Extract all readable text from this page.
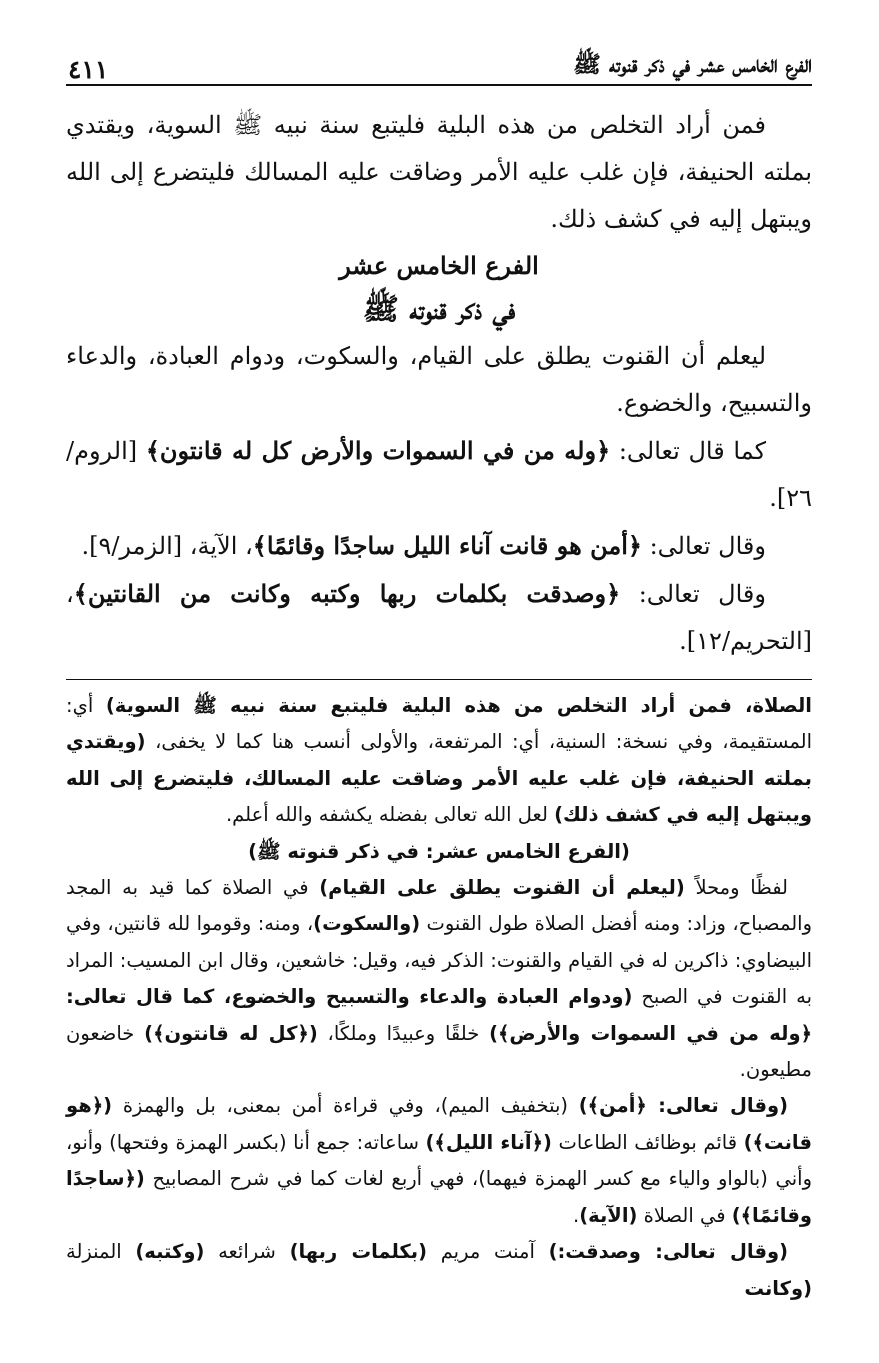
الفرع الخامس عشر في ذكر قنوته ﷺ
٤١١

فمن أراد التخلص من هذه البلية فليتبع سنة نبيه ﷺ السوية، ويقتدي بملته الحنيفة، فإن غلب عليه الأمر وضاقت عليه المسالك فليتضرع إلى الله ويبتهل إليه في كشف ذلك.

الفرع الخامس عشر
في ذكر قنوته ﷺ

ليعلم أن القنوت يطلق على القيام، والسكوت، ودوام العبادة، والدعاء والتسبيح، والخضوع.

كما قال تعالى: ﴿وله من في السموات والأرض كل له قانتون﴾ [الروم/ ٢٦].

وقال تعالى: ﴿أمن هو قانت آناء الليل ساجدًا وقائمًا﴾، الآية، [الزمر/٩].

وقال تعالى: ﴿وصدقت بكلمات ربها وكتبه وكانت من القانتين﴾، [التحريم/١٢].

الصلاة، فمن أراد التخلص من هذه البلية فليتبع سنة نبيه ﷺ السوية) أي: المستقيمة، وفي نسخة: السنية، أي: المرتفعة، والأولى أنسب هنا كما لا يخفى، (ويقتدي بملته الحنيفة، فإن غلب عليه الأمر وضاقت عليه المسالك، فليتضرع إلى الله ويبتهل إليه في كشف ذلك) لعل الله تعالى بفضله يكشفه والله أعلم.

(الفرع الخامس عشر: في ذكر قنوته ﷺ)

لفظًا ومحلاً (ليعلم أن القنوت يطلق على القيام) في الصلاة كما قيد به المجد والمصباح، وزاد: ومنه أفضل الصلاة طول القنوت (والسكوت)، ومنه: وقوموا لله قانتين، وفي البيضاوي: ذاكرين له في القيام والقنوت: الذكر فيه، وقيل: خاشعين، وقال ابن المسيب: المراد به القنوت في الصبح (ودوام العبادة والدعاء والتسبيح والخضوع، كما قال تعالى: ﴿وله من في السموات والأرض﴾) خلقًا وعبيدًا وملكًا، (﴿كل له قانتون﴾) خاضعون مطيعون.

(وقال تعالى: ﴿أمن﴾) (بتخفيف الميم)، وفي قراءة أمن بمعنى، بل والهمزة (﴿هو قانت﴾) قائم بوظائف الطاعات (﴿آناء الليل﴾) ساعاته: جمع أنا (بكسر الهمزة وفتحها) وأنو، وأني (بالواو والياء مع كسر الهمزة فيهما)، فهي أربع لغات كما في شرح المصابيح (﴿ساجدًا وقائمًا﴾) في الصلاة (الآية).

(وقال تعالى: وصدقت:) آمنت مريم (بكلمات ربها) شرائعه (وكتبه) المنزلة (وكانت
